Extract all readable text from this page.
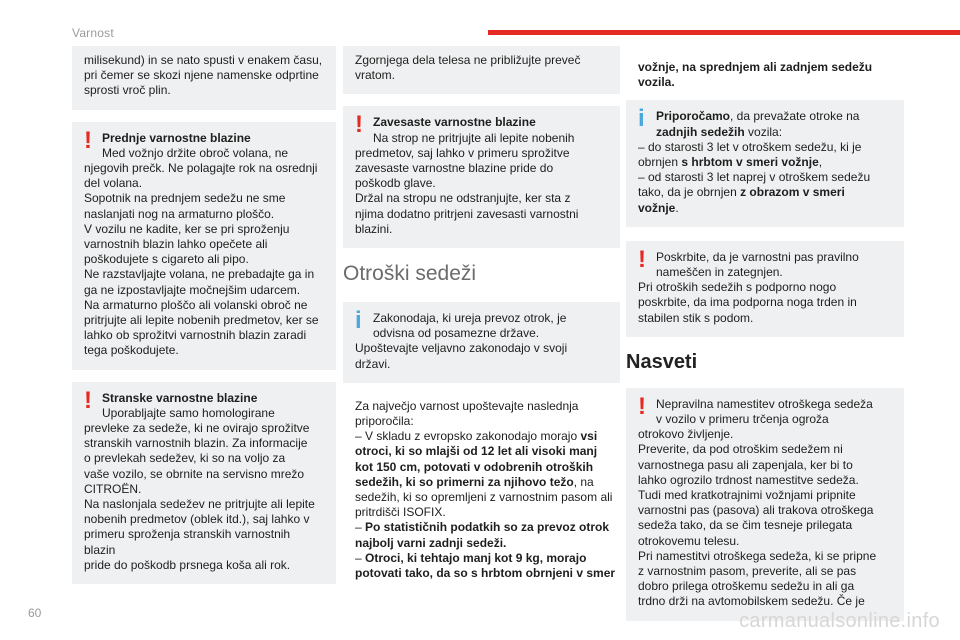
Varnost
milisekund) in se nato spusti v enakem času,
pri čemer se skozi njene namenske odprtine
sprosti vroč plin.
! Prednje varnostne blazine
Med vožnjo držite obroč volana, ne
njegovih prečk. Ne polagajte rok na osrednji
del volana.
Sopotnik na prednjem sedežu ne sme
naslanjati nog na armaturno ploščo.
V vozilu ne kadite, ker se pri sproženju
varnostnih blazin lahko opečete ali
poškodujete s cigareto ali pipo.
Ne razstavljajte volana, ne prebadajte ga in
ga ne izpostavljajte močnejšim udarcem.
Na armaturno ploščo ali volanski obroč ne
pritrjujte ali lepite nobenih predmetov, ker se
lahko ob sprožitvi varnostnih blazin zaradi
tega poškodujete.
! Stranske varnostne blazine
Uporabljajte samo homologirane
prevleke za sedeže, ki ne ovirajo sprožitve
stranskih varnostnih blazin. Za informacije
o prevlekah sedežev, ki so na voljo za
vaše vozilo, se obrnite na servisno mrežo
CITROËN.
Na naslonjala sedežev ne pritrjujte ali lepite
nobenih predmetov (oblek itd.), saj lahko v
primeru sproženja stranskih varnostnih blazin
pride do poškodb prsnega koša ali rok.
Zgornjega dela telesa ne približujte preveč
vratom.
! Zavesaste varnostne blazine
Na strop ne pritrjujte ali lepite nobenih
predmetov, saj lahko v primeru sprožitve
zavesaste varnostne blazine pride do
poškodb glave.
Držal na stropu ne odstranjujte, ker sta z
njima dodatno pritrjeni zavesasti varnostni
blazini.
Otroški sedeži
i Zakonodaja, ki ureja prevoz otrok, je
odvisna od posamezne države.
Upoštevajte veljavno zakonodajo v svoji
državi.
Za največjo varnost upoštevajte naslednja
priporočila:
– V skladu z evropsko zakonodajo morajo vsi
otroci, ki so mlajši od 12 let ali visoki manj
kot 150 cm, potovati v odobrenih otroških
sedežih, ki so primerni za njihovo težo, na
sedežih, ki so opremljeni z varnostnim pasom ali
pritrdišči ISOFIX.
– Po statističnih podatkih so za prevoz otrok
najbolj varni zadnji sedeži.
– Otroci, ki tehtajo manj kot 9 kg, morajo
potovati tako, da so s hrbtom obrnjeni v smer
vožnje, na sprednjem ali zadnjem sedežu
vozila.
i Priporočamo, da prevažate otroke na
zadnjih sedežih vozila:
– do starosti 3 let v otroškem sedežu, ki je
obrnjen s hrbtom v smeri vožnje,
– od starosti 3 let naprej v otroškem sedežu
tako, da je obrnjen z obrazom v smeri
vožnje.
! Poskrbite, da je varnostni pas pravilno
nameščen in zategnjen.
Pri otroških sedežih s podporno nogo
poskrbite, da ima podporna noga trden in
stabilen stik s podom.
Nasveti
! Nepravilna namestitev otroškega sedeža
v vozilo v primeru trčenja ogroža
otrokovo življenje.
Preverite, da pod otroškim sedežem ni
varnostnega pasu ali zapenjala, ker bi to
lahko ogrozilo trdnost namestitve sedeža.
Tudi med kratkotrajnimi vožnjami pripnite
varnostni pas (pasova) ali trakova otroškega
sedeža tako, da se čim tesneje prilegata
otrokovemu telesu.
Pri namestitvi otroškega sedeža, ki se pripne
z varnostnim pasom, preverite, ali se pas
dobro prilega otroškemu sedežu in ali ga
trdno drži na avtomobilskem sedežu. Če je
60	carmanualsonline.info
